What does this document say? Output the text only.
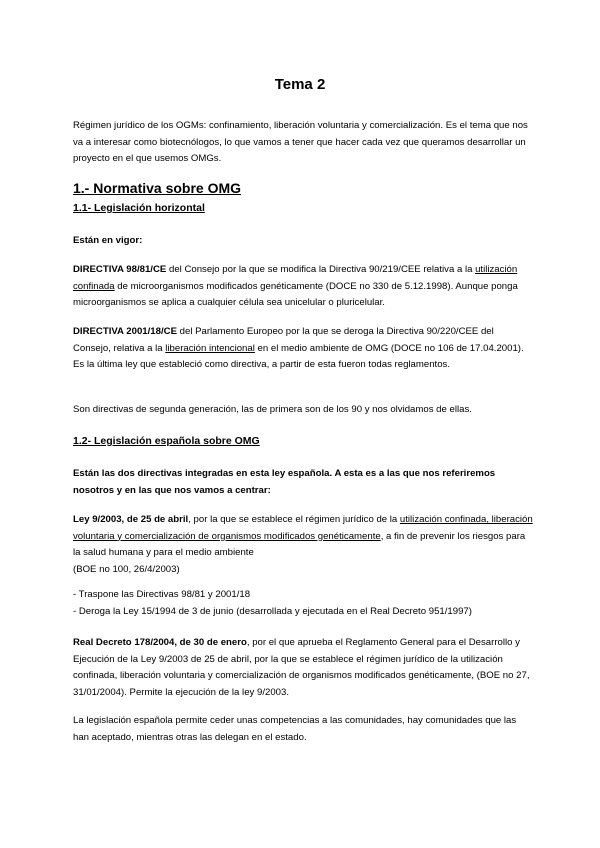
Tema 2

Régimen jurídico de los OGMs: confinamiento, liberación voluntaria y comercialización. Es el tema que nos va a interesar como biotecnólogos, lo que vamos a tener que hacer cada vez que queramos desarrollar un proyecto en el que usemos OMGs.

1.- Normativa sobre OMG
1.1- Legislación horizontal

Están en vigor:

DIRECTIVA 98/81/CE del Consejo por la que se modifica la Directiva 90/219/CEE relativa a la utilización confinada de microorganismos modificados genéticamente (DOCE no 330 de 5.12.1998). Aunque ponga microorganismos se aplica a cualquier célula sea unicelular o pluricelular.

DIRECTIVA 2001/18/CE del Parlamento Europeo por la que se deroga la Directiva 90/220/CEE del Consejo, relativa a la liberación intencional en el medio ambiente de OMG (DOCE no 106 de 17.04.2001). Es la última ley que estableció como directiva, a partir de esta fueron todas reglamentos.

Son directivas de segunda generación, las de primera son de los 90 y nos olvidamos de ellas.

1.2- Legislación española sobre OMG

Están las dos directivas integradas en esta ley española. A esta es a las que nos referiremos nosotros y en las que nos vamos a centrar:

Ley 9/2003, de 25 de abril, por la que se establece el régimen jurídico de la utilización confinada, liberación voluntaria y comercialización de organismos modificados genéticamente, a fin de prevenir los riesgos para la salud humana y para el medio ambiente
(BOE no 100, 26/4/2003)

- Traspone las Directivas 98/81 y 2001/18

- Deroga la Ley 15/1994 de 3 de junio (desarrollada y ejecutada en el Real Decreto 951/1997)

Real Decreto 178/2004, de 30 de enero, por el que aprueba el Reglamento General para el Desarrollo y Ejecución de la Ley 9/2003 de 25 de abril, por la que se establece el régimen jurídico de la utilización confinada, liberación voluntaria y comercialización de organismos modificados genéticamente, (BOE no 27, 31/01/2004). Permite la ejecución de la ley 9/2003.

La legislación española permite ceder unas competencias a las comunidades, hay comunidades que las han aceptado, mientras otras las delegan en el estado.
